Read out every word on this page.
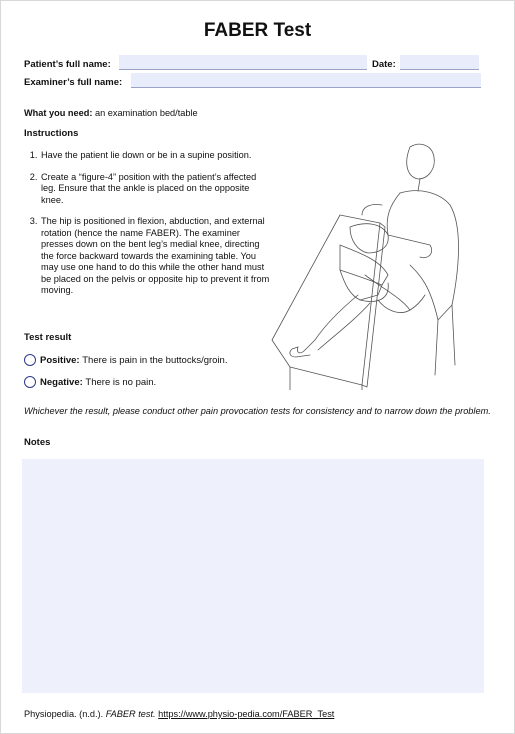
FABER Test
Patient’s full name:	Date:
Examiner’s full name:
What you need: an examination bed/table
Instructions
1. Have the patient lie down or be in a supine position.
2. Create a “figure-4” position with the patient’s affected leg. Ensure that the ankle is placed on the opposite knee.
3. The hip is positioned in flexion, abduction, and external rotation (hence the name FABER). The examiner presses down on the bent leg’s medial knee, directing the force backward towards the examining table. You may use one hand to do this while the other hand must be placed on the pelvis or opposite hip to prevent it from moving.
Test result
Positive:
There is pain in the buttocks/groin.
Negative:
There is no pain.
Whichever the result, please conduct other pain provocation tests for consistency and to narrow down the problem.
Notes
Physiopedia. (n.d.). FABER test. https://www.physio-pedia.com/FABER_Test
